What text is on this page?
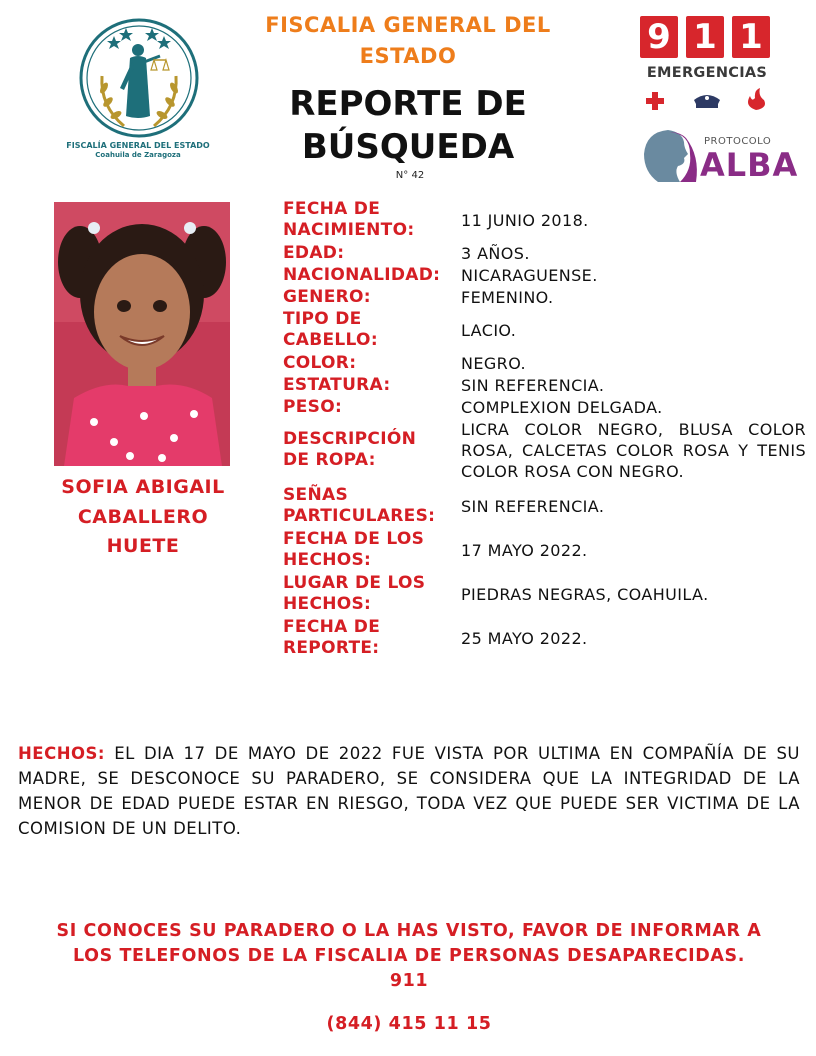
FISCALÍA GENERAL DEL ESTADO
Coahuila de Zaragoza
FISCALIA GENERAL DEL
ESTADO
REPORTE DE
BÚSQUEDA
N° 42
9 1 1
EMERGENCIAS
PROTOCOLO
ALBA
SOFIA ABIGAIL
CABALLERO
HUETE
FECHA DE NACIMIENTO:	11 JUNIO 2018.
EDAD:	3 AÑOS.
NACIONALIDAD:	NICARAGUENSE.
GENERO:	FEMENINO.
TIPO DE CABELLO:	LACIO.
COLOR:	NEGRO.
ESTATURA:	SIN REFERENCIA.
PESO:	COMPLEXION DELGADA.
DESCRIPCIÓN DE ROPA:
LICRA COLOR NEGRO, BLUSA COLOR ROSA, CALCETAS COLOR ROSA Y TENIS COLOR ROSA CON NEGRO.
SEÑAS PARTICULARES:	SIN REFERENCIA.
FECHA DE LOS HECHOS:	17 MAYO 2022.
LUGAR DE LOS HECHOS:	PIEDRAS NEGRAS, COAHUILA.
FECHA DE REPORTE:	25 MAYO 2022.
HECHOS: EL DIA 17 DE MAYO DE 2022 FUE VISTA POR ULTIMA EN COMPAÑÍA DE SU MADRE, SE DESCONOCE SU PARADERO, SE CONSIDERA QUE LA INTEGRIDAD DE LA MENOR DE EDAD PUEDE ESTAR EN RIESGO, TODA VEZ QUE PUEDE SER VICTIMA DE LA COMISION DE UN DELITO.
SI CONOCES SU PARADERO O LA HAS VISTO, FAVOR DE INFORMAR A
LOS TELEFONOS DE LA FISCALIA DE PERSONAS DESAPARECIDAS.
911
(844) 415 11 15
